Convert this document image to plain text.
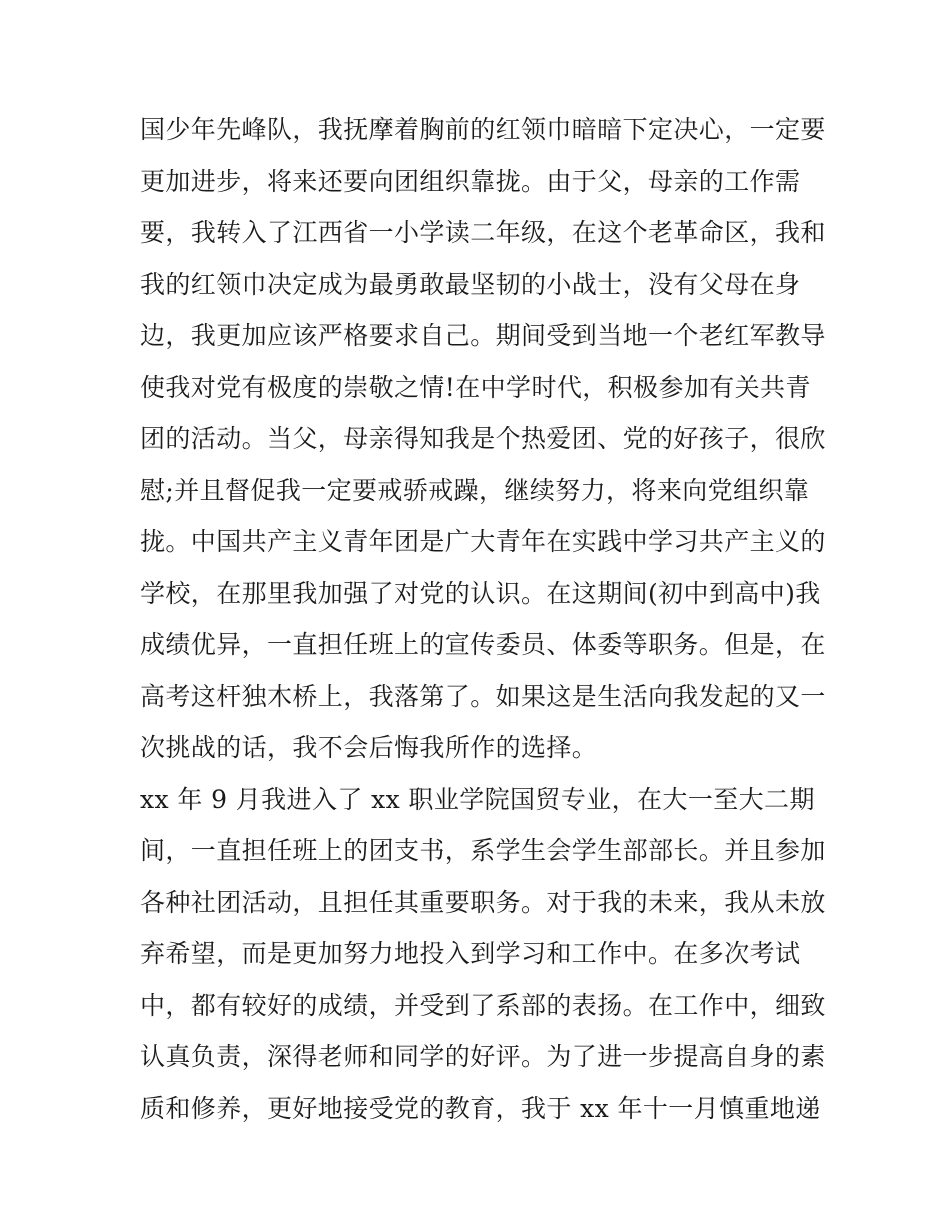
国少年先峰队，我抚摩着胸前的红领巾暗暗下定决心，一定要
更加进步，将来还要向团组织靠拢。由于父，母亲的工作需
要，我转入了江西省一小学读二年级，在这个老革命区，我和
我的红领巾决定成为最勇敢最坚韧的小战士，没有父母在身
边，我更加应该严格要求自己。期间受到当地一个老红军教导
使我对党有极度的崇敬之情!在中学时代，积极参加有关共青
团的活动。当父，母亲得知我是个热爱团、党的好孩子，很欣
慰;并且督促我一定要戒骄戒躁，继续努力，将来向党组织靠
拢。中国共产主义青年团是广大青年在实践中学习共产主义的
学校，在那里我加强了对党的认识。在这期间(初中到高中)我
成绩优异，一直担任班上的宣传委员、体委等职务。但是，在
高考这杆独木桥上，我落第了。如果这是生活向我发起的又一
次挑战的话，我不会后悔我所作的选择。
xx 年 9 月我进入了 xx 职业学院国贸专业，在大一至大二期
间，一直担任班上的团支书，系学生会学生部部长。并且参加
各种社团活动，且担任其重要职务。对于我的未来，我从未放
弃希望，而是更加努力地投入到学习和工作中。在多次考试
中，都有较好的成绩，并受到了系部的表扬。在工作中，细致
认真负责，深得老师和同学的好评。为了进一步提高自身的素
质和修养，更好地接受党的教育，我于 xx 年十一月慎重地递
